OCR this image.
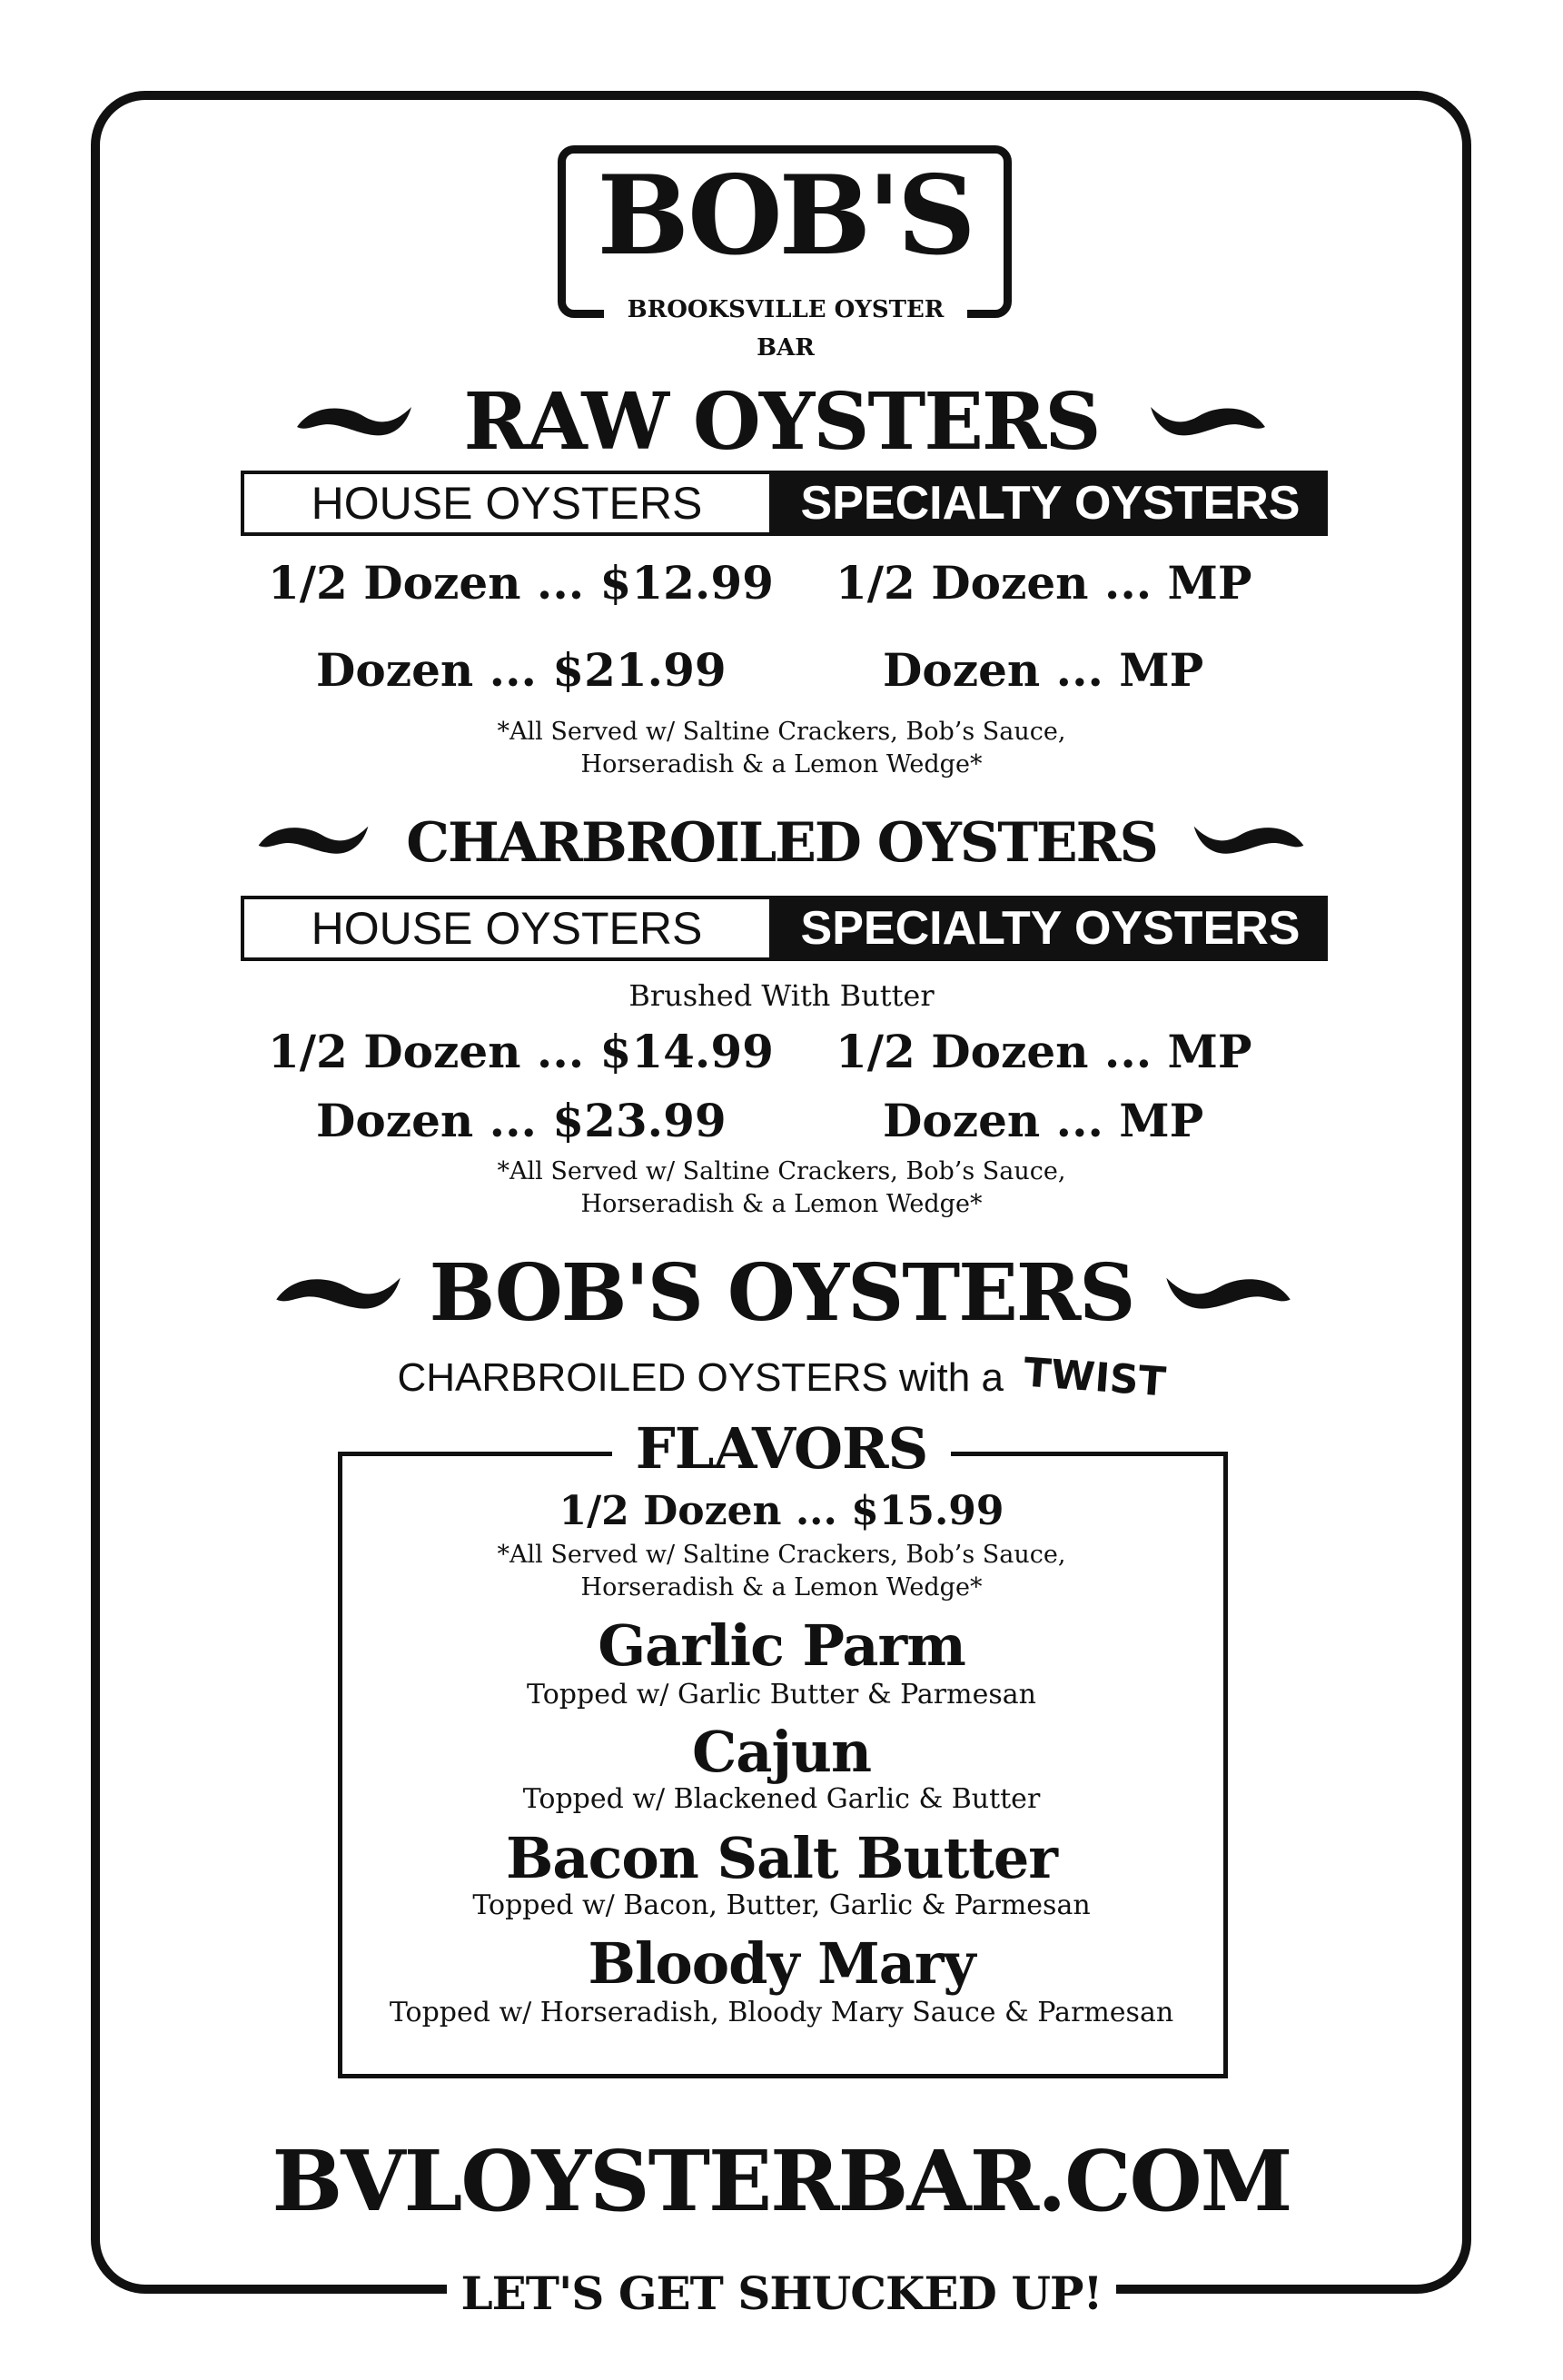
BOB'S
BROOKSVILLE OYSTER BAR
RAW OYSTERS
HOUSE OYSTERS	SPECIALTY OYSTERS
1/2 Dozen ... $12.99 1/2 Dozen ... MP
Dozen ... $21.99	Dozen ... MP
*All Served w/ Saltine Crackers, Bob’s Sauce,
Horseradish & a Lemon Wedge*
CHARBROILED OYSTERS
HOUSE OYSTERS	SPECIALTY OYSTERS
Brushed With Butter
1/2 Dozen ... $14.99 1/2 Dozen ... MP
Dozen ... $23.99	Dozen ... MP
*All Served w/ Saltine Crackers, Bob’s Sauce,
Horseradish & a Lemon Wedge*
BOB'S OYSTERS
CHARBROILED OYSTERS with a TWIST
FLAVORS
1/2 Dozen ... $15.99
*All Served w/ Saltine Crackers, Bob’s Sauce,
Horseradish & a Lemon Wedge*
Garlic Parm
Topped w/ Garlic Butter & Parmesan
Cajun
Topped w/ Blackened Garlic & Butter
Bacon Salt Butter
Topped w/ Bacon, Butter, Garlic & Parmesan
Bloody Mary
Topped w/ Horseradish, Bloody Mary Sauce & Parmesan
BVLOYSTERBAR.COM
LET'S GET SHUCKED UP!
